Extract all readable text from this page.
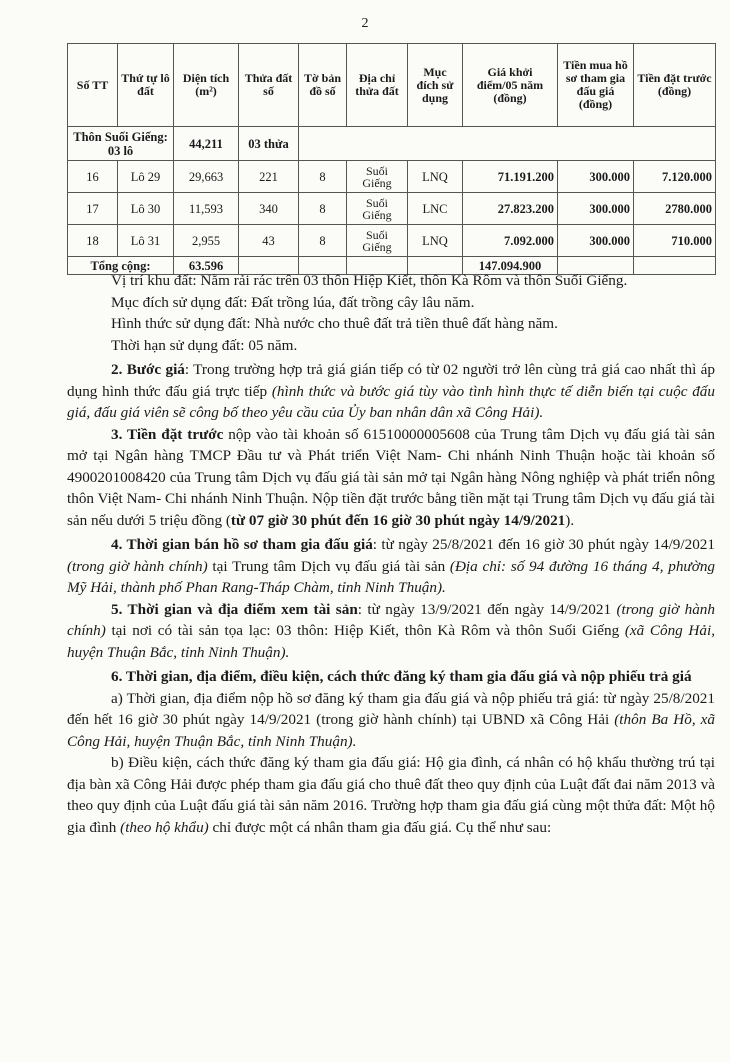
2
Số TT	Thứ tự lô đất	Diện tích (m²)	Thửa đất số	Tờ bản đồ số	Địa chỉ thửa đất	Mục đích sử dụng	Giá khởi điểm/05 năm (đồng)	Tiền mua hồ sơ tham gia đấu giá (đồng)	Tiền đặt trước (đồng)
Thôn Suối Giếng: 03 lô		44,211	03 thửa						
16	Lô 29	29,663	221	8	Suối Giếng	LNQ	71.191.200	300.000	7.120.000
17	Lô 30	11,593	340	8	Suối Giếng	LNC	27.823.200	300.000	2780.000
18	Lô 31	2,955	43	8	Suối Giếng	LNQ	7.092.000	300.000	710.000
Tổng cộng:		63.596					147.094.900		

Vị trí khu đất: Nằm rải rác trên 03 thôn Hiệp Kiết, thôn Kà Rôm và thôn Suối Giếng.

Mục đích sử dụng đất: Đất trồng lúa, đất trồng cây lâu năm.

Hình thức sử dụng đất: Nhà nước cho thuê đất trả tiền thuê đất hàng năm.

Thời hạn sử dụng đất: 05 năm.

2. Bước giá: Trong trường hợp trả giá gián tiếp có từ 02 người trở lên cùng trả giá cao nhất thì áp dụng hình thức đấu giá trực tiếp (hình thức và bước giá tùy vào tình hình thực tế diễn biến tại cuộc đấu giá, đấu giá viên sẽ công bố theo yêu cầu của Ủy ban nhân dân xã Công Hải).

3. Tiền đặt trước nộp vào tài khoản số 61510000005608 của Trung tâm Dịch vụ đấu giá tài sản mở tại Ngân hàng TMCP Đầu tư và Phát triển Việt Nam- Chi nhánh Ninh Thuận hoặc tài khoản số 4900201008420 của Trung tâm Dịch vụ đấu giá tài sản mở tại Ngân hàng Nông nghiệp và phát triển nông thôn Việt Nam- Chi nhánh Ninh Thuận. Nộp tiền đặt trước bằng tiền mặt tại Trung tâm Dịch vụ đấu giá tài sản nếu dưới 5 triệu đồng (từ 07 giờ 30 phút đến 16 giờ 30 phút ngày 14/9/2021).

4. Thời gian bán hồ sơ tham gia đấu giá: từ ngày 25/8/2021 đến 16 giờ 30 phút ngày 14/9/2021 (trong giờ hành chính) tại Trung tâm Dịch vụ đấu giá tài sản (Địa chỉ: số 94 đường 16 tháng 4, phường Mỹ Hải, thành phố Phan Rang-Tháp Chàm, tỉnh Ninh Thuận).

5. Thời gian và địa điểm xem tài sản: từ ngày 13/9/2021 đến ngày 14/9/2021 (trong giờ hành chính) tại nơi có tài sản tọa lạc: 03 thôn: Hiệp Kiết, thôn Kà Rôm và thôn Suối Giếng (xã Công Hải, huyện Thuận Bắc, tỉnh Ninh Thuận).

6. Thời gian, địa điểm, điều kiện, cách thức đăng ký tham gia đấu giá và nộp phiếu trả giá

a) Thời gian, địa điểm nộp hồ sơ đăng ký tham gia đấu giá và nộp phiếu trả giá: từ ngày 25/8/2021 đến hết 16 giờ 30 phút ngày 14/9/2021 (trong giờ hành chính) tại UBND xã Công Hải (thôn Ba Hồ, xã Công Hải, huyện Thuận Bắc, tỉnh Ninh Thuận).

b) Điều kiện, cách thức đăng ký tham gia đấu giá: Hộ gia đình, cá nhân có hộ khẩu thường trú tại địa bàn xã Công Hải được phép tham gia đấu giá cho thuê đất theo quy định của Luật đất đai năm 2013 và theo quy định của Luật đấu giá tài sản năm 2016. Trường hợp tham gia đấu giá cùng một thửa đất: Một hộ gia đình (theo hộ khẩu) chỉ được một cá nhân tham gia đấu giá. Cụ thể như sau:
